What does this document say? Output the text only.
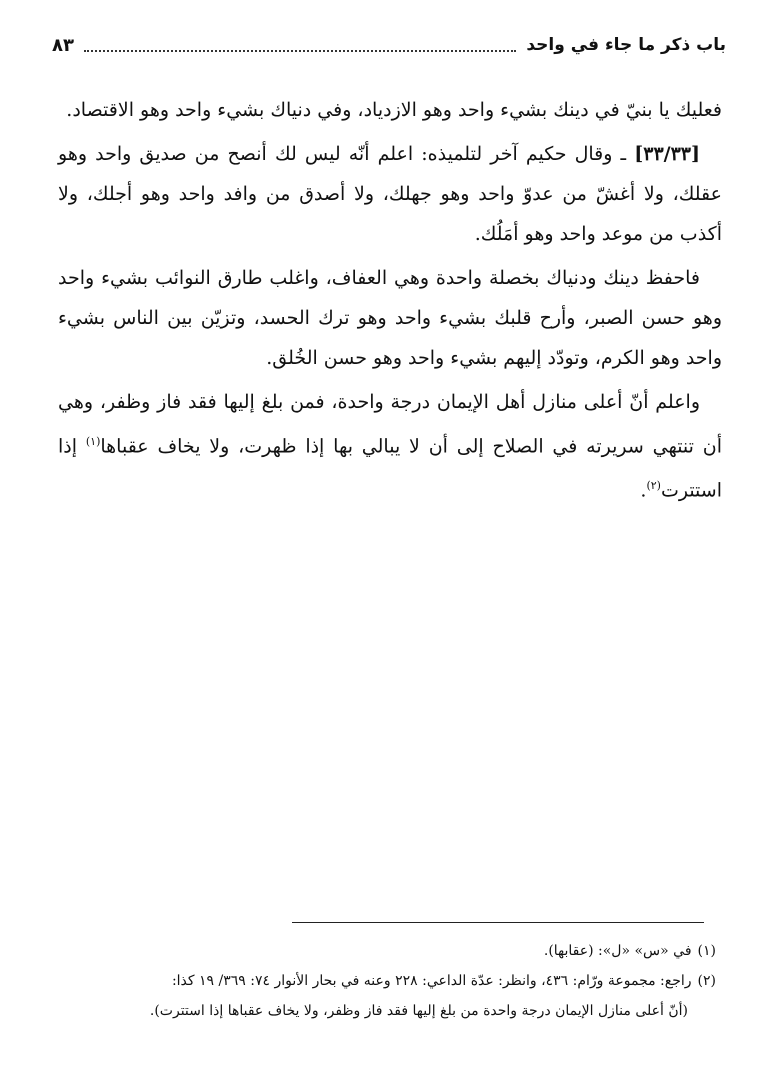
باب ذكر ما جاء في واحد
٨٣

فعليك يا بنيّ في دينك بشيء واحد وهو الازدياد، وفي دنياك بشيء واحد وهو الاقتصاد.

[٣٣/٣٣] ـ وقال حكيم آخر لتلميذه: اعلم أنّه ليس لك أنصح من صديق واحد وهو عقلك، ولا أغشّ من عدوّ واحد وهو جهلك، ولا أصدق من وافد واحد وهو أجلك، ولا أكذب من موعد واحد وهو أمَلُك.

فاحفظ دينك ودنياك بخصلة واحدة وهي العفاف، واغلب طارق النوائب بشيء واحد وهو حسن الصبر، وأرح قلبك بشيء واحد وهو ترك الحسد، وتزيّن بين الناس بشيء واحد وهو الكرم، وتودّد إليهم بشيء واحد وهو حسن الخُلق.

واعلم أنّ أعلى منازل أهل الإيمان درجة واحدة، فمن بلغ إليها فقد فاز وظفر، وهي أن تنتهي سريرته في الصلاح إلى أن لا يبالي بها إذا ظهرت، ولا يخاف عقباها$^{(١)}$ إذا استترت$^{(٢)}$.

(١)في «س» «ل»: (عقابها).

(٢)راجع: مجموعة ورّام: ٤٣٦، وانظر: عدّة الداعي: ٢٢٨ وعنه في بحار الأنوار ٧٤: ٣٦٩/ ١٩ كذا:

(أنّ أعلى منازل الإيمان درجة واحدة من بلغ إليها فقد فاز وظفر، ولا يخاف عقباها إذا استترت).
